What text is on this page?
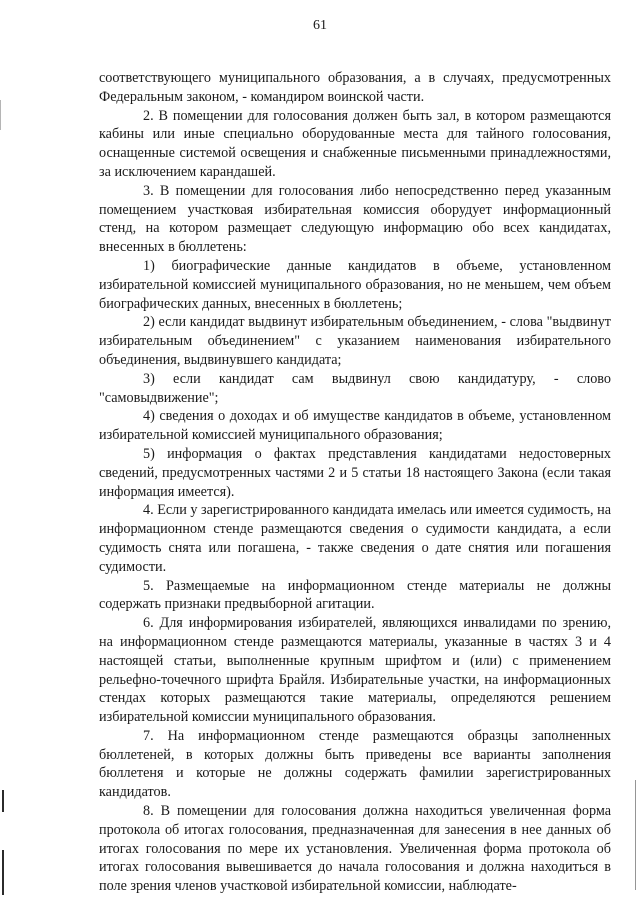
61

соответствующего муниципального образования, а в случаях, предусмотренных Федеральным законом, - командиром воинской части.

2. В помещении для голосования должен быть зал, в котором размещаются кабины или иные специально оборудованные места для тайного голосования, оснащенные системой освещения и снабженные письменными принадлежностями, за исключением карандашей.

3. В помещении для голосования либо непосредственно перед указанным помещением участковая избирательная комиссия оборудует информационный стенд, на котором размещает следующую информацию обо всех кандидатах, внесенных в бюллетень:

1) биографические данные кандидатов в объеме, установленном избирательной комиссией муниципального образования, но не меньшем, чем объем биографических данных, внесенных в бюллетень;

2) если кандидат выдвинут избирательным объединением, - слова "выдвинут избирательным объединением" с указанием наименования избирательного объединения, выдвинувшего кандидата;

3) если кандидат сам выдвинул свою кандидатуру, - слово "самовыдвижение";

4) сведения о доходах и об имуществе кандидатов в объеме, установленном избирательной комиссией муниципального образования;

5) информация о фактах представления кандидатами недостоверных сведений, предусмотренных частями 2 и 5 статьи 18 настоящего Закона (если такая информация имеется).

4. Если у зарегистрированного кандидата имелась или имеется судимость, на информационном стенде размещаются сведения о судимости кандидата, а если судимость снята или погашена, - также сведения о дате снятия или погашения судимости.

5. Размещаемые на информационном стенде материалы не должны содержать признаки предвыборной агитации.

6. Для информирования избирателей, являющихся инвалидами по зрению, на информационном стенде размещаются материалы, указанные в частях 3 и 4 настоящей статьи, выполненные крупным шрифтом и (или) с применением рельефно-точечного шрифта Брайля. Избирательные участки, на информационных стендах которых размещаются такие материалы, определяются решением избирательной комиссии муниципального образования.

7. На информационном стенде размещаются образцы заполненных бюллетеней, в которых должны быть приведены все варианты заполнения бюллетеня и которые не должны содержать фамилии зарегистрированных кандидатов.

8. В помещении для голосования должна находиться увеличенная форма протокола об итогах голосования, предназначенная для занесения в нее данных об итогах голосования по мере их установления. Увеличенная форма протокола об итогах голосования вывешивается до начала голосования и должна находиться в поле зрения членов участковой избирательной комиссии, наблюдате-
